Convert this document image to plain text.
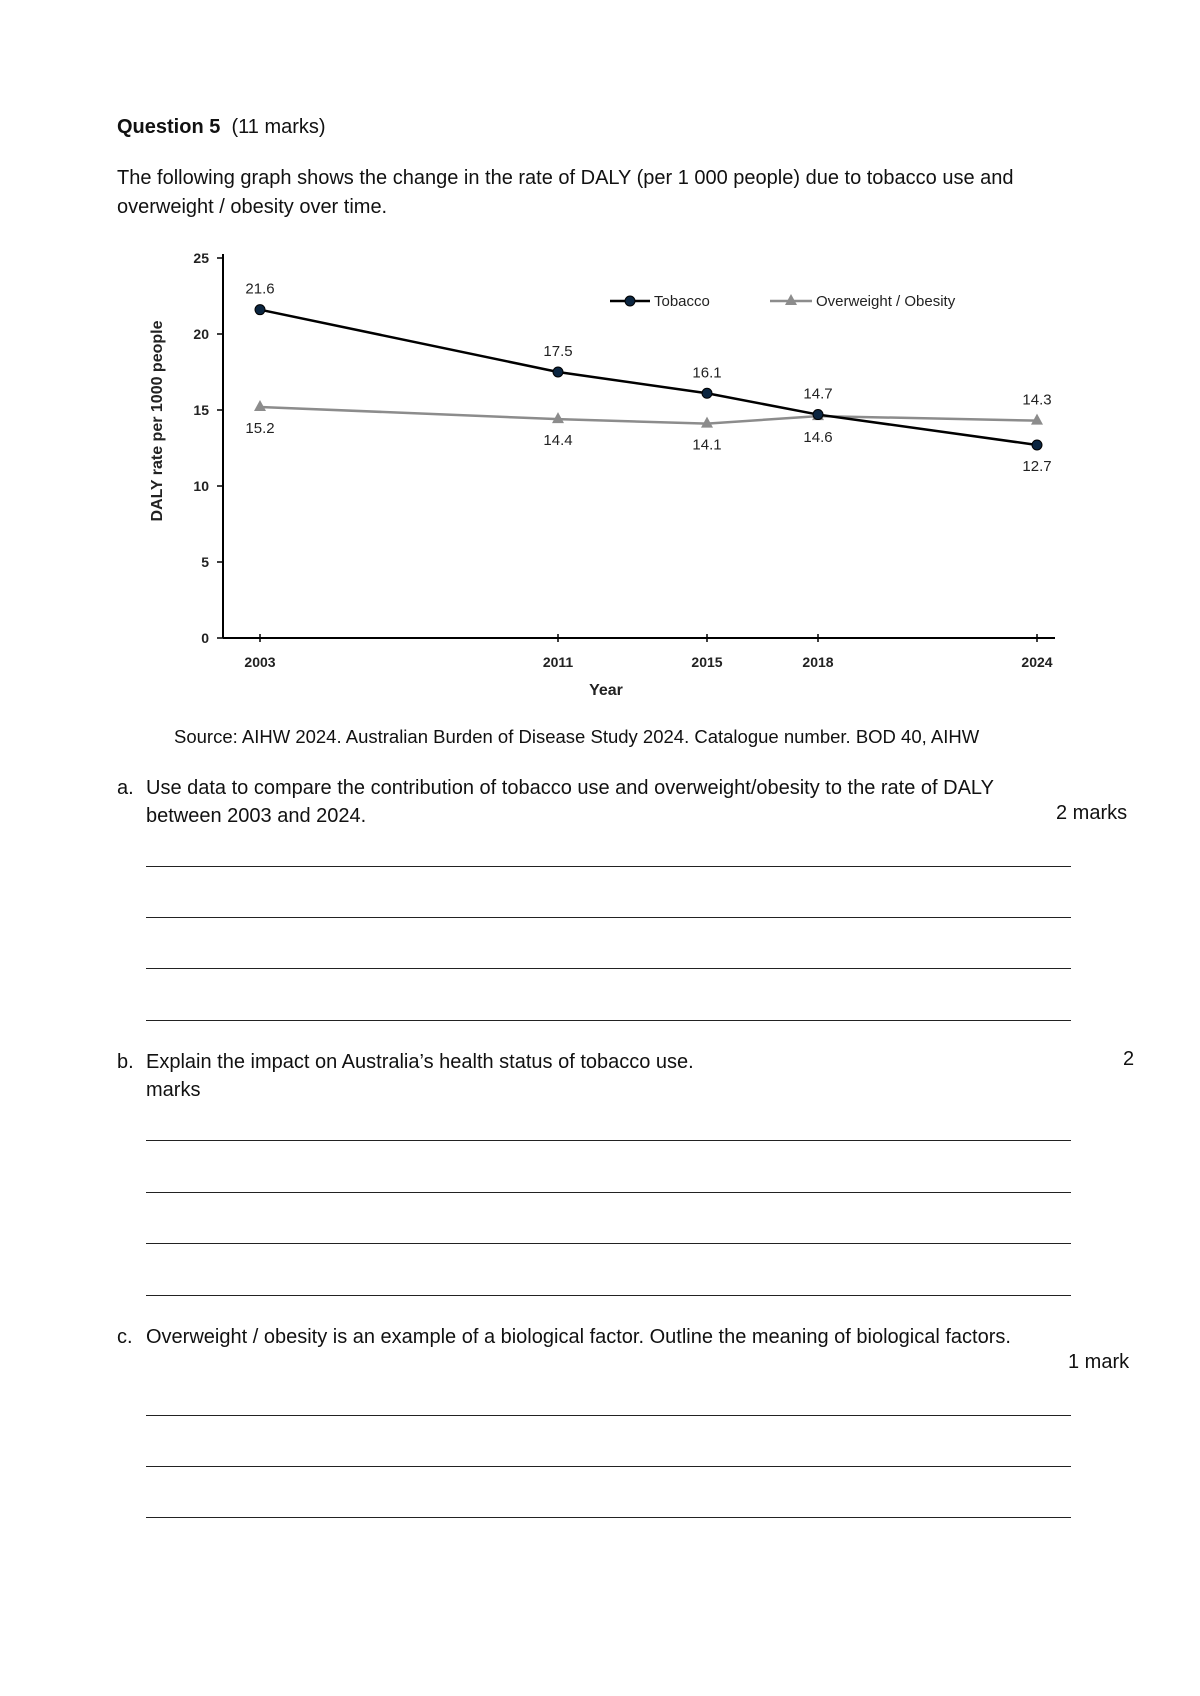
Question 5 (11 marks)
The following graph shows the change in the rate of DALY (per 1 000 people) due to tobacco use and overweight / obesity over time.
DALY rate per 1000 people
Year
0
5
10
15
20
25
2003	2011	2015	2018	2024
15.2
14.4	14.1	14.6
14.3
21.6
17.5
16.1
14.7
12.7
Tobacco	Overweight / Obesity
Source: AIHW 2024. Australian Burden of Disease Study 2024. Catalogue number. BOD 40, AIHW
a. Use data to compare the contribution of tobacco use and overweight/obesity to the rate of DALY between 2003 and 2024.	2 marks
b. Explain the impact on Australia’s health status of tobacco use.
marks
2
c. Overweight / obesity is an example of a biological factor. Outline the meaning of biological factors.
1 mark
